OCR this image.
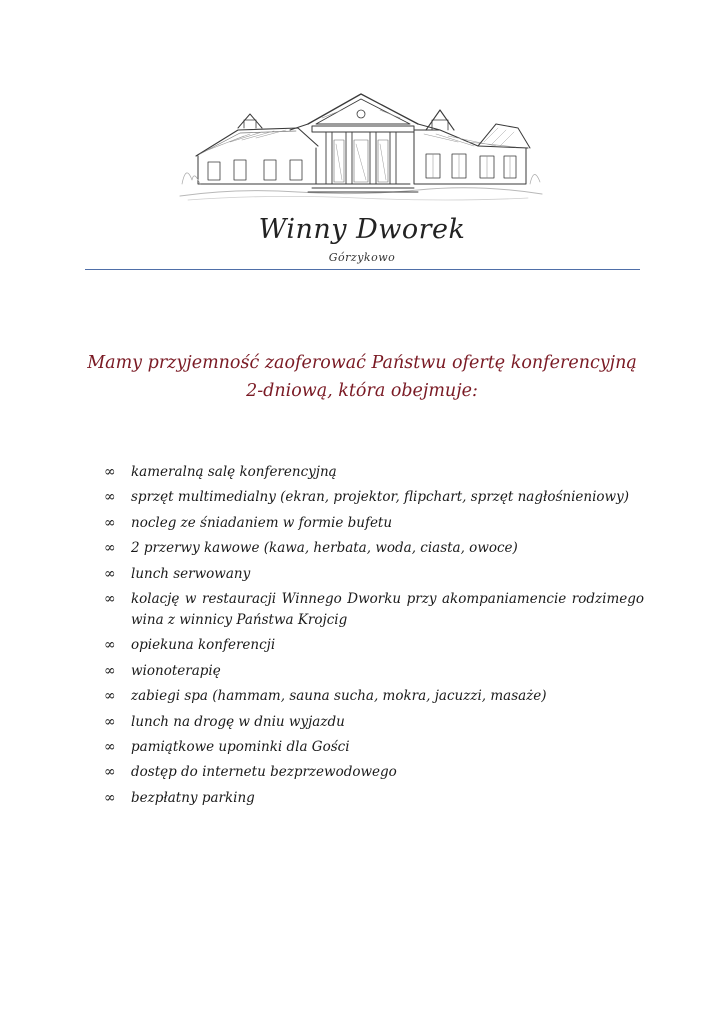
Winny Dworek
Górzykowo
Mamy przyjemność zaoferować Państwu ofertę konferencyjną
2-dniową, która obejmuje:
∞	kameralną salę konferencyjną
∞	sprzęt multimedialny (ekran, projektor, flipchart, sprzęt nagłośnieniowy)
∞	nocleg ze śniadaniem w formie bufetu
∞	2 przerwy kawowe (kawa, herbata, woda, ciasta, owoce)
∞	lunch serwowany
∞	kolację w restauracji Winnego Dworku przy akompaniamencie rodzimego wina z winnicy Państwa Krojcig
∞	opiekuna konferencji
∞	wionoterapię
∞	zabiegi spa (hammam, sauna sucha, mokra, jacuzzi, masaże)
∞	lunch na drogę w dniu wyjazdu
∞	pamiątkowe upominki dla Gości
∞	dostęp do internetu bezprzewodowego
∞	bezpłatny parking
